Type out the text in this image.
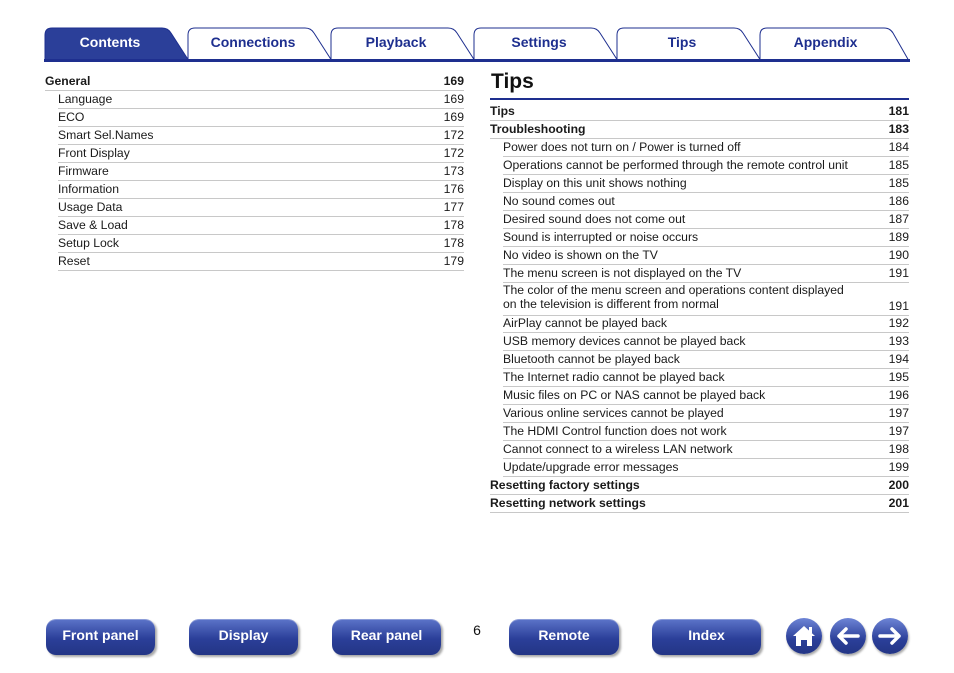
Contents	Connections	Playback	Settings	Tips	Appendix
General	169
Language	169
ECO	169
Smart Sel.Names	172
Front Display	172
Firmware	173
Information	176
Usage Data	177
Save & Load	178
Setup Lock	178
Reset	179
Tips
Tips	181
Troubleshooting	183
Power does not turn on / Power is turned off	184
Operations cannot be performed through the remote control unit	185
Display on this unit shows nothing	185
No sound comes out	186
Desired sound does not come out	187
Sound is interrupted or noise occurs	189
No video is shown on the TV	190
The menu screen is not displayed on the TV	191
The color of the menu screen and operations content displayed
on the television is different from normal	191
AirPlay cannot be played back	192
USB memory devices cannot be played back	193
Bluetooth cannot be played back	194
The Internet radio cannot be played back	195
Music files on PC or NAS cannot be played back	196
Various online services cannot be played	197
The HDMI Control function does not work	197
Cannot connect to a wireless LAN network	198
Update/upgrade error messages	199
Resetting factory settings	200
Resetting network settings	201
Front panel	Display	Rear panel	6	Remote	Index
